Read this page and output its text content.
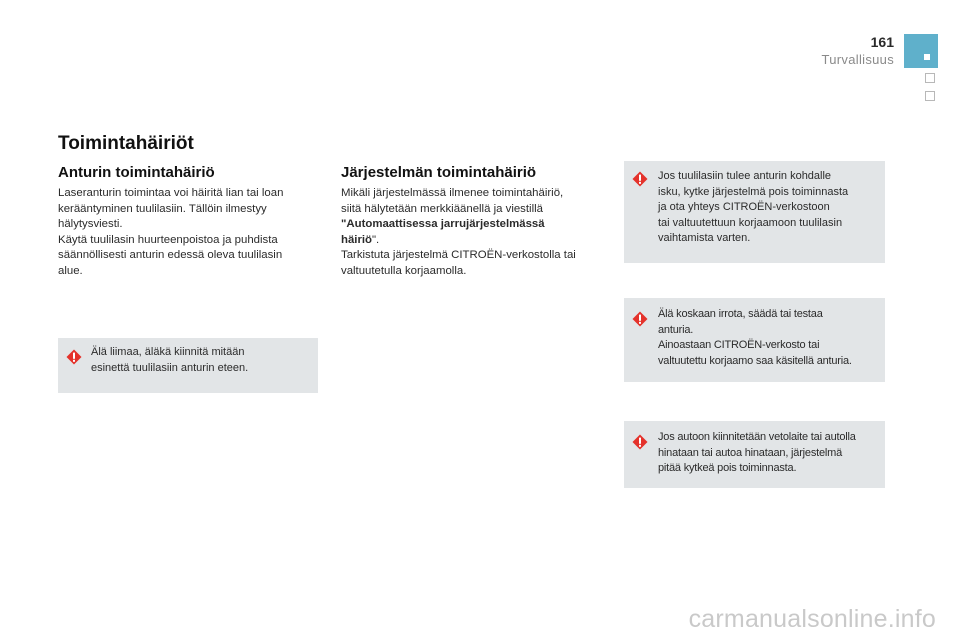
161
Turvallisuus
Toimintahäiriöt
Anturin toimintahäiriö
Laseranturin toimintaa voi häiritä lian tai loan
kerääntyminen tuulilasiin. Tällöin ilmestyy
hälytysviesti.
Käytä tuulilasin huurteenpoistoa ja puhdista
säännöllisesti anturin edessä oleva tuulilasin
alue.
Älä liimaa, äläkä kiinnitä mitään
esinettä tuulilasiin anturin eteen.
Järjestelmän toimintahäiriö
Mikäli järjestelmässä ilmenee toimintahäiriö,
siitä hälytetään merkkiäänellä ja viestillä
"Automaattisessa jarrujärjestelmässä
häiriö".
Tarkistuta järjestelmä CITROËN-verkostolla tai
valtuutetulla korjaamolla.
Jos tuulilasiin tulee anturin kohdalle
isku, kytke järjestelmä pois toiminnasta
ja ota yhteys CITROËN-verkostoon
tai valtuutettuun korjaamoon tuulilasin
vaihtamista varten.
Älä koskaan irrota, säädä tai testaa
anturia.
Ainoastaan CITROËN-verkosto tai
valtuutettu korjaamo saa käsitellä anturia.
Jos autoon kiinnitetään vetolaite tai autolla
hinataan tai autoa hinataan, järjestelmä
pitää kytkeä pois toiminnasta.
carmanualsonline.info
